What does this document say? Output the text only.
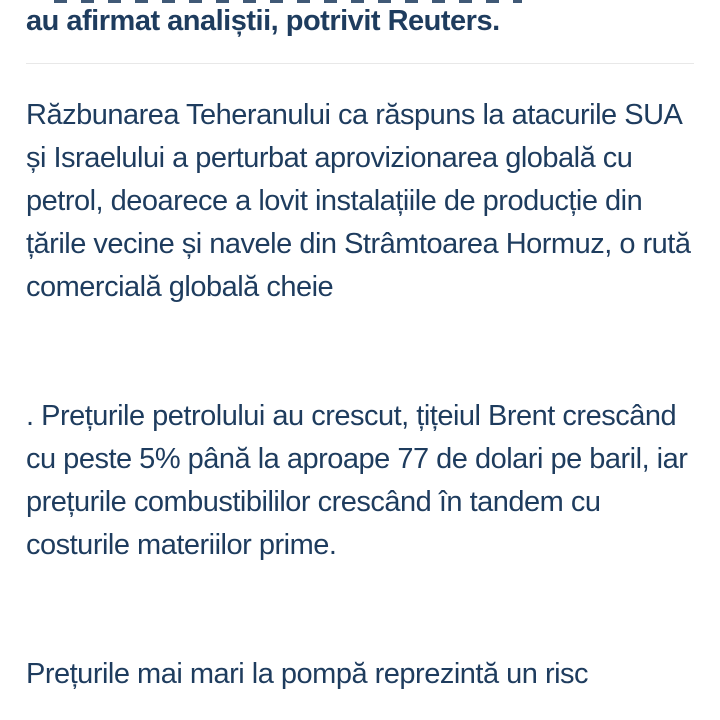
au afirmat analiștii, potrivit Reuters.

Răzbunarea Teheranului ca răspuns la atacurile SUA și Israelului a perturbat aprovizionarea globală cu petrol, deoarece a lovit instalațiile de producție din țările vecine și navele din Strâmtoarea Hormuz, o rută comercială globală cheie

. Prețurile petrolului au crescut, țițeiul Brent crescând cu peste 5% până la aproape 77 de dolari pe baril, iar prețurile combustibililor crescând în tandem cu costurile materiilor prime.

Prețurile mai mari la pompă reprezintă un risc
